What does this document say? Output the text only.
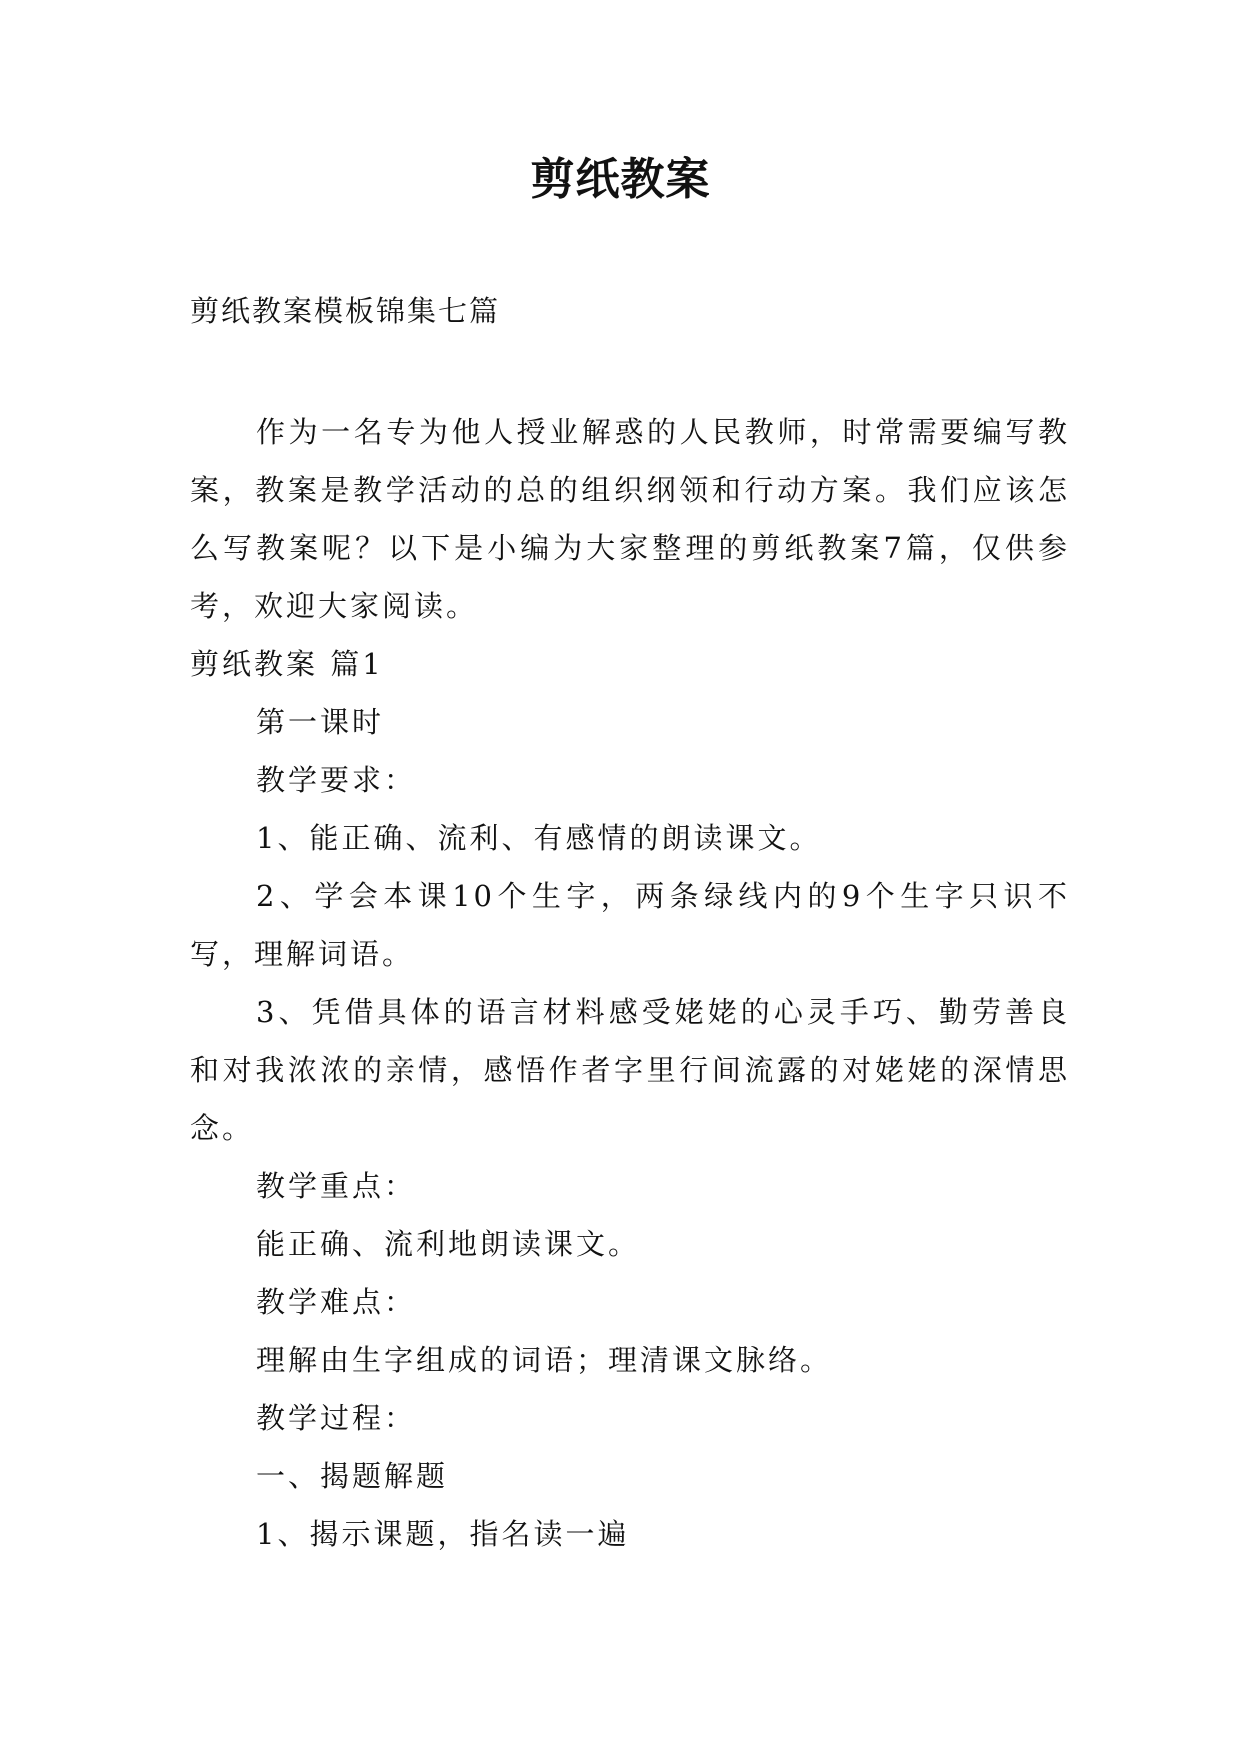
剪纸教案
剪纸教案模板锦集七篇

作为一名专为他人授业解惑的人民教师，时常需要编写教案，教案是教学活动的总的组织纲领和行动方案。我们应该怎么写教案呢？以下是小编为大家整理的剪纸教案7篇，仅供参考，欢迎大家阅读。

剪纸教案 篇1

第一课时

教学要求：

1、能正确、流利、有感情的朗读课文。

2、学会本课10个生字，两条绿线内的9个生字只识不写，理解词语。

3、凭借具体的语言材料感受姥姥的心灵手巧、勤劳善良和对我浓浓的亲情，感悟作者字里行间流露的对姥姥的深情思念。

教学重点：

能正确、流利地朗读课文。

教学难点：

理解由生字组成的词语；理清课文脉络。

教学过程：

一、揭题解题

1、揭示课题，指名读一遍
